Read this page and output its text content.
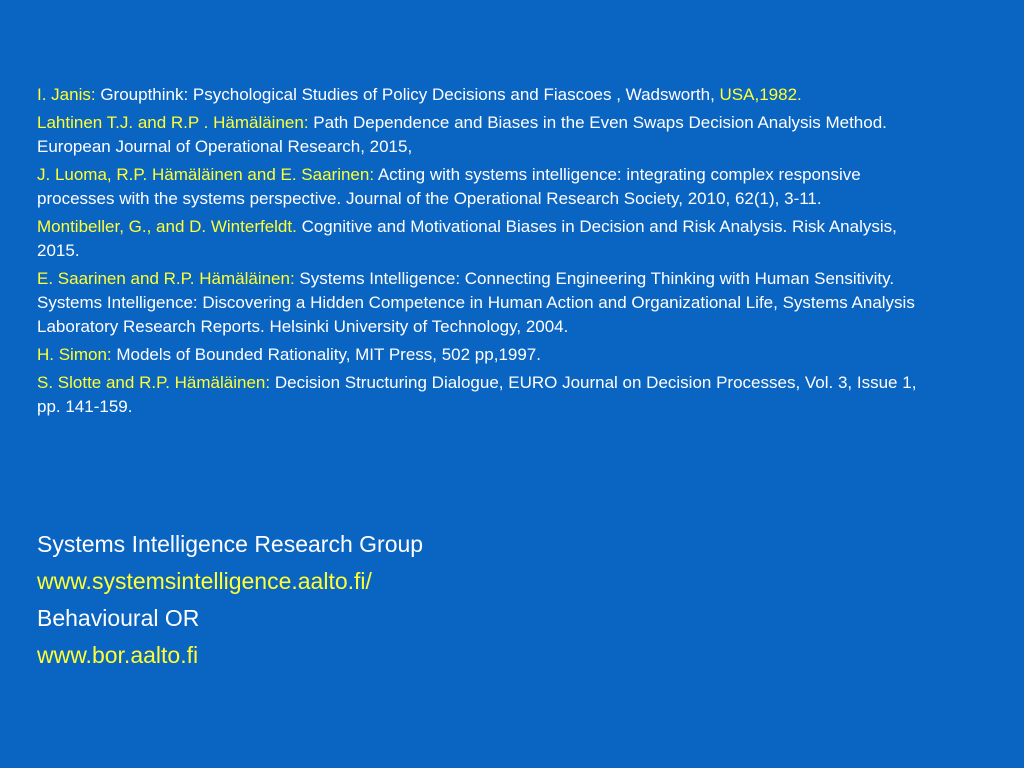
I. Janis: Groupthink: Psychological Studies of Policy Decisions and Fiascoes , Wadsworth, USA,1982.

Lahtinen T.J. and R.P . Hämäläinen: Path Dependence and Biases in the Even Swaps Decision Analysis Method. European Journal of Operational Research, 2015,

J. Luoma, R.P. Hämäläinen and E. Saarinen: Acting with systems intelligence: integrating complex responsive processes with the systems perspective. Journal of the Operational Research Society, 2010, 62(1), 3-11.

Montibeller, G., and D. Winterfeldt. Cognitive and Motivational Biases in Decision and Risk Analysis. Risk Analysis, 2015.

E. Saarinen and R.P. Hämäläinen: Systems Intelligence: Connecting Engineering Thinking with Human Sensitivity. Systems Intelligence: Discovering a Hidden Competence in Human Action and Organizational Life, Systems Analysis Laboratory Research Reports. Helsinki University of Technology, 2004.

H. Simon: Models of Bounded Rationality, MIT Press, 502 pp,1997.

S. Slotte and R.P. Hämäläinen: Decision Structuring Dialogue, EURO Journal on Decision Processes, Vol. 3, Issue 1, pp. 141-159.

Systems Intelligence Research Group

www.systemsintelligence.aalto.fi/

Behavioural OR

www.bor.aalto.fi
